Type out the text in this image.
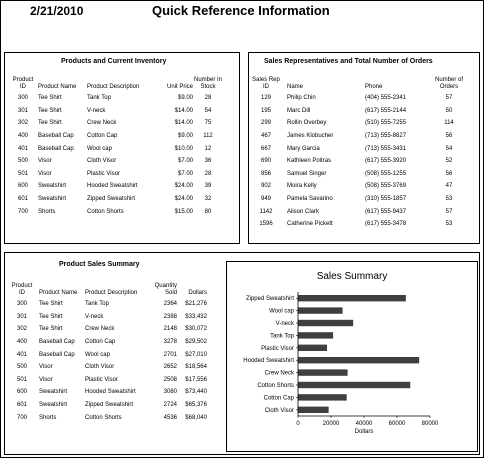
2/21/2010	Quick Reference Information
Products and Current Inventory
Product ID	Product Name	Product Description	Unit Price	Number In Stock
300	Tee Shirt	Tank Top	$9.00	28
301	Tee Shirt	V-neck	$14.00	54
302	Tee Shirt	Crew Neck	$14.00	75
400	Baseball Cap	Cotton Cap	$9.00	112
401	Baseball Cap	Wool cap	$10.00	12
500	Visor	Cloth Visor	$7.00	36
501	Visor	Plastic Visor	$7.00	28
600	Sweatshirt	Hooded Sweatshirt	$24.00	39
601	Sweatshirt	Zipped Sweatshirt	$24.00	32
700	Shorts	Cotton Shorts	$15.00	80
Sales Representatives and Total Number of Orders
Sales Rep ID	Name	Phone	Number of Orders
129	Philip Chin	(404) 555-2341	57
195	Marc Dill	(617) 555-2144	50
299	Rollin Overbey	(510) 555-7255	114
467	James Klobucher	(713) 555-8627	56
667	Mary Garcia	(713) 555-3431	54
690	Kathleen Poitras	(617) 555-3920	52
856	Samuel Singer	(508) 555-1255	56
902	Moira Kelly	(508) 555-3769	47
949	Pamela Savarino	(310) 555-1857	53
1142	Alison Clark	(617) 555-9437	57
1596	Catherine Pickett	(617) 555-3478	53
Product Sales Summary
Product ID	Product Name	Product Description	Quantity Sold	Dollars
300	Tee Shirt	Tank Top	2364	$21,276
301	Tee Shirt	V-neck	2388	$33,432
302	Tee Shirt	Crew Neck	2148	$30,072
400	Baseball Cap	Cotton Cap	3278	$29,502
401	Baseball Cap	Wool cap	2701	$27,010
500	Visor	Cloth Visor	2652	$18,564
501	Visor	Plastic Visor	2508	$17,556
600	Sweatshirt	Hooded Sweatshirt	3060	$73,440
601	Sweatshirt	Zipped Sweatshirt	2724	$65,376
700	Shorts	Cotton Shorts	4536	$68,040
Sales Summary
Zipped Sweatshirt
Wool cap
V-neck
Tank Top
Plastic Visor
Hooded Sweatshirt
Crew Neck
Cotton Shorts
Cotton Cap
Cloth Visor
0	20000	40000	60000	80000
Dollars
